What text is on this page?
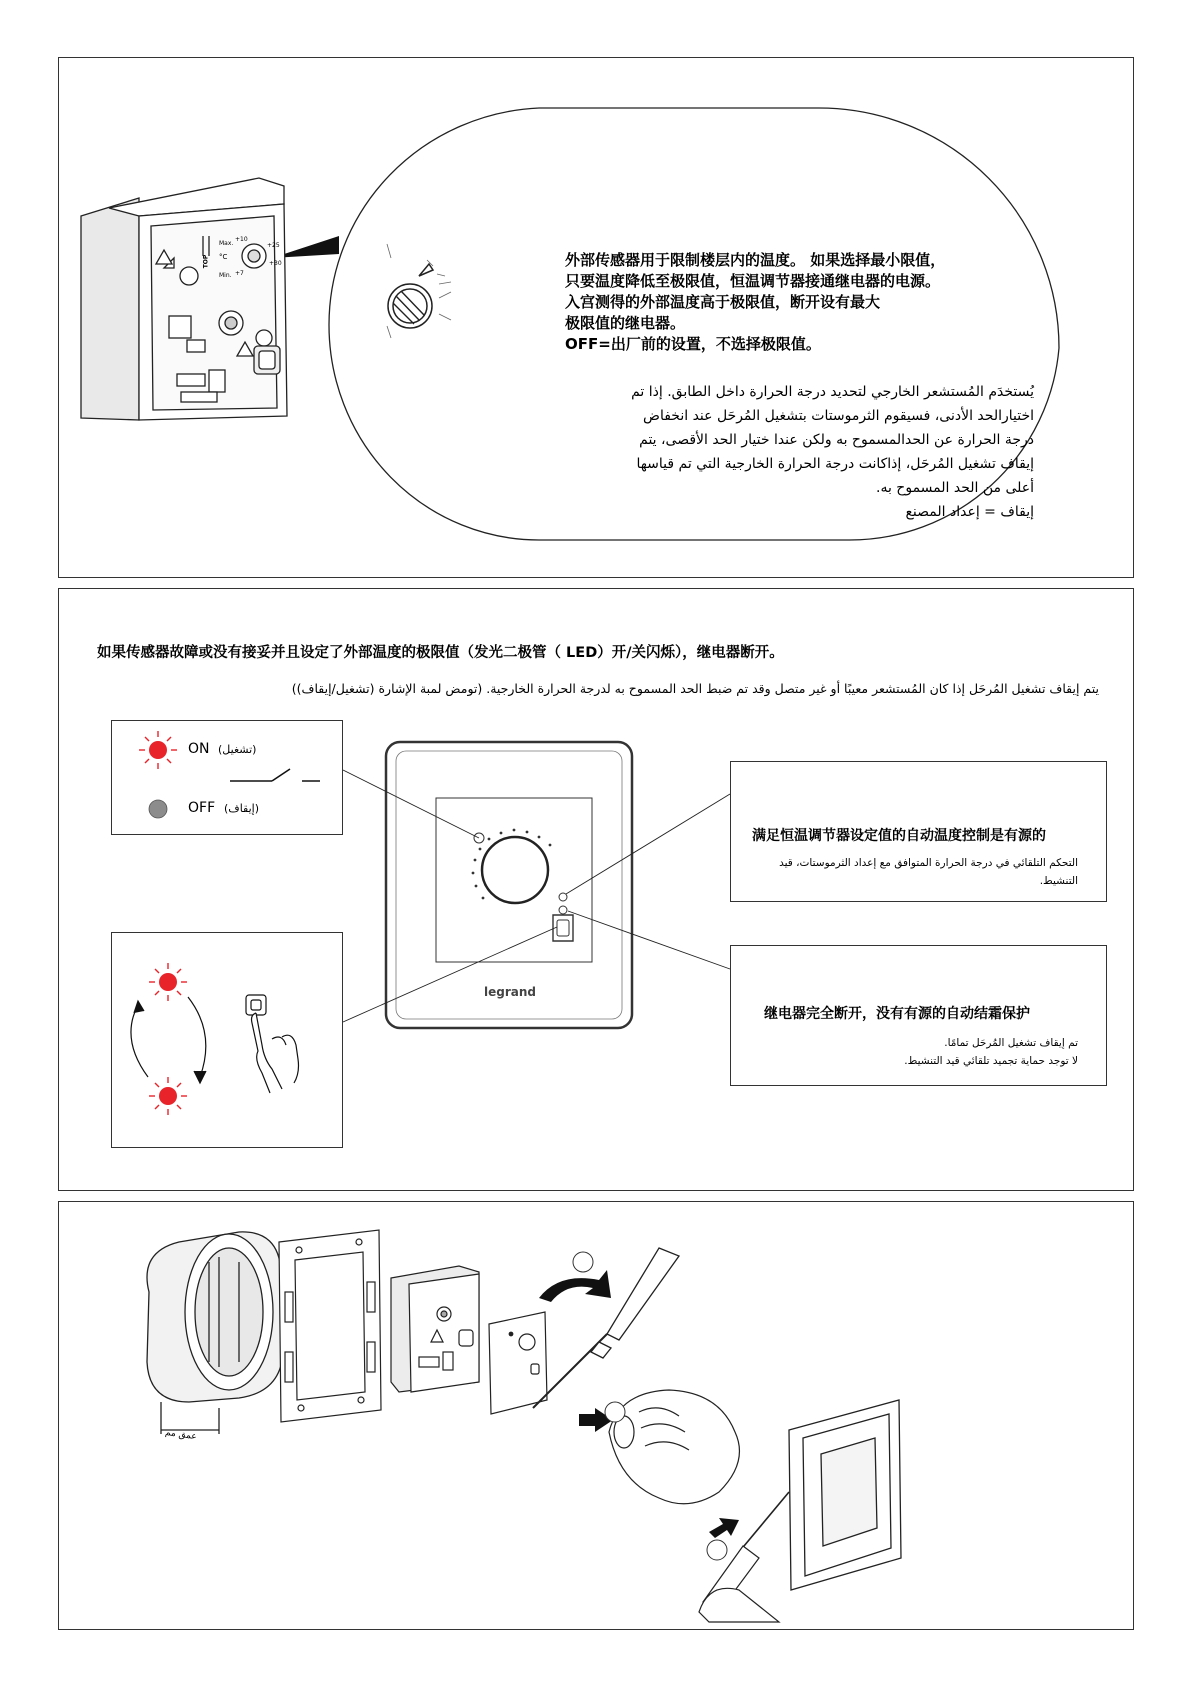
TOP
Max.
+10
°C
+25
+30
Min. +7
外部传感器用于限制楼层内的温度。 如果选择最小限值，
只要温度降低至极限值，恒温调节器接通继电器的电源。
入宫测得的外部温度高于极限值，断开设有最大
极限值的继电器。
OFF=出厂前的设置，不选择极限值。
يُستخدَم المُستشعر الخارجي لتحديد درجة الحرارة داخل الطابق. إذا تم
اختيارالحد الأدنى، فسيقوم الثرموستات بتشغيل المُرحَل عند انخفاض
درجة الحرارة عن الحدالمسموح به ولكن عندا ختيار الحد الأقصى، يتم
إيقاف تشغيل المُرحَل، إذاكانت درجة الحرارة الخارجية التي تم قياسها
أعلى من الحد المسموح به.
إيقاف = إعداد المصنع
如果传感器故障或没有接妥并且设定了外部温度的极限值（发光二极管（ LED）开/关闪烁），继电器断开。
يتم إيقاف تشغيل المُرحَل إذا كان المُستشعر معيبًا أو غير متصل وقد تم ضبط الحد المسموح به لدرجة الحرارة الخارجية. (تومض لمبة الإشارة (تشغيل/إيقاف))
ON (تشغيل)
OFF (إيقاف)
legrand
满足恒温调节器设定值的自动温度控制是有源的
التحكم التلقائي في درجة الحرارة المتوافق مع إعداد الثرموستات، قيد
التنشيط.
继电器完全断开，没有有源的自动结霜保护
تم إيقاف تشغيل المُرحَل تمامًا.
لا توجد حماية تجميد تلقائي قيد التنشيط.
عمق مم
